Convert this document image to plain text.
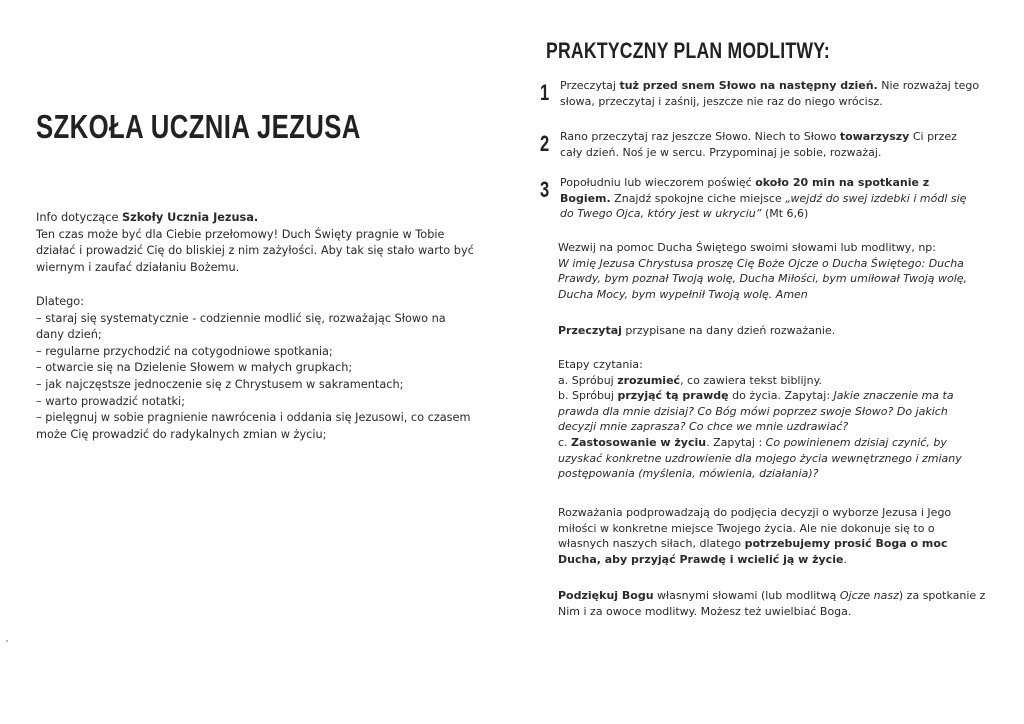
SZKOŁA UCZNIA JEZUSA

Info dotyczące Szkoły Ucznia Jezusa.

Ten czas może być dla Ciebie przełomowy! Duch Święty pragnie w Tobie działać i prowadzić Cię do bliskiej z nim zażyłości. Aby tak się stało warto być wiernym i zaufać działaniu Bożemu.

Dlatego:

– staraj się systematycznie - codziennie modlić się, rozważając Słowo na dany dzień;

– regularne przychodzić na cotygodniowe spotkania;

– otwarcie się na Dzielenie Słowem w małych grupkach;

– jak najczęstsze jednoczenie się z Chrystusem w sakramentach;

– warto prowadzić notatki;

– pielęgnuj w sobie pragnienie nawrócenia i oddania się Jezusowi, co czasem może Cię prowadzić do radykalnych zmian w życiu;

PRAKTYCZNY PLAN MODLITWY:
1 Przeczytaj tuż przed snem Słowo na następny dzień. Nie rozważaj tego słowa, przeczytaj i zaśnij, jeszcze nie raz do niego wrócisz.
2 Rano przeczytaj raz jeszcze Słowo. Niech to Słowo towarzyszy Ci przez cały dzień. Noś je w sercu. Przypominaj je sobie, rozważaj.
3 Popołudniu lub wieczorem poświęć około 20 min na spotkanie z Bogiem. Znajdź spokojne ciche miejsce „wejdź do swej izdebki i módl się do Twego Ojca, który jest w ukryciu” (Mt 6,6)

Wezwij na pomoc Ducha Świętego swoimi słowami lub modlitwy, np:

W imię Jezusa Chrystusa proszę Cię Boże Ojcze o Ducha Świętego: Ducha Prawdy, bym poznał Twoją wolę, Ducha Miłości, bym umiłował Twoją wolę, Ducha Mocy, bym wypełnił Twoją wolę. Amen

Przeczytaj przypisane na dany dzień rozważanie.

Etapy czytania:

a. Spróbuj zrozumieć, co zawiera tekst biblijny.

b. Spróbuj przyjąć tą prawdę do życia. Zapytaj: Jakie znaczenie ma ta prawda dla mnie dzisiaj? Co Bóg mówi poprzez swoje Słowo? Do jakich decyzji mnie zaprasza? Co chce we mnie uzdrawiać?

c. Zastosowanie w życiu. Zapytaj : Co powinienem dzisiaj czynić, by uzyskać konkretne uzdrowienie dla mojego życia wewnętrznego i zmiany postępowania (myślenia, mówienia, działania)?

Rozważania podprowadzają do podjęcia decyzji o wyborze Jezusa i Jego miłości w konkretne miejsce Twojego życia. Ale nie dokonuje się to o własnych naszych siłach, dlatego potrzebujemy prosić Boga o moc Ducha, aby przyjąć Prawdę i wcielić ją w życie.

Podziękuj Bogu własnymi słowami (lub modlitwą Ojcze nasz) za spotkanie z Nim i za owoce modlitwy. Możesz też uwielbiać Boga.
